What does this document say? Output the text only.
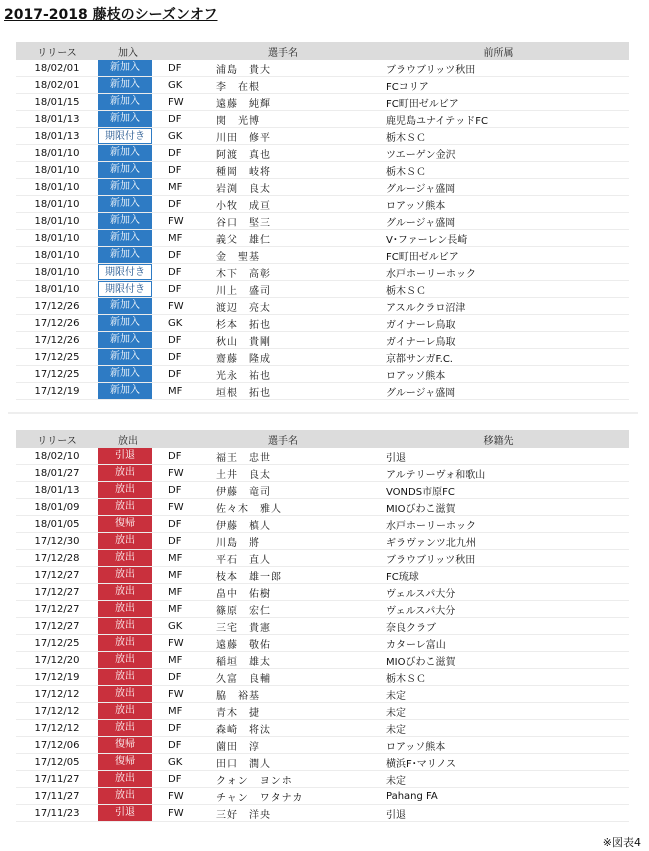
2017-2018 藤枝のシーズンオフ
リリース	加入		選手名	前所属
18/02/01	新加入	DF	浦島　貴大	ブラウブリッツ秋田
18/02/01	新加入	GK	李　在根	FCコリア
18/01/15	新加入	FW	遠藤　純輝	FC町田ゼルビア
18/01/13	新加入	DF	関　光博	鹿児島ユナイテッドFC
18/01/13	期限付き	GK	川田　修平	栃木ＳＣ
18/01/10	新加入	DF	阿渡　真也	ツエーゲン金沢
18/01/10	新加入	DF	種岡　岐将	栃木ＳＣ
18/01/10	新加入	MF	岩渕　良太	グルージャ盛岡
18/01/10	新加入	DF	小牧　成亘	ロアッソ熊本
18/01/10	新加入	FW	谷口　堅三	グルージャ盛岡
18/01/10	新加入	MF	義父　雄仁	V･ファーレン長崎
18/01/10	新加入	DF	金　聖基	FC町田ゼルビア
18/01/10	期限付き	DF	木下　高彰	水戸ホーリーホック
18/01/10	期限付き	DF	川上　盛司	栃木ＳＣ
17/12/26	新加入	FW	渡辺　亮太	アスルクラロ沼津
17/12/26	新加入	GK	杉本　拓也	ガイナーレ鳥取
17/12/26	新加入	DF	秋山　貴剛	ガイナーレ鳥取
17/12/25	新加入	DF	齋藤　隆成	京都サンガF.C.
17/12/25	新加入	DF	光永　祐也	ロアッソ熊本
17/12/19	新加入	MF	垣根　拓也	グルージャ盛岡
リリース	放出		選手名	移籍先
18/02/10	引退	DF	福王　忠世	引退
18/01/27	放出	FW	土井　良太	アルテリーヴォ和歌山
18/01/13	放出	DF	伊藤　竜司	VONDS市原FC
18/01/09	放出	FW	佐々木　雅人	MIOびわこ滋賀
18/01/05	復帰	DF	伊藤　槙人	水戸ホーリーホック
17/12/30	放出	DF	川島　將	ギラヴァンツ北九州
17/12/28	放出	MF	平石　直人	ブラウブリッツ秋田
17/12/27	放出	MF	枝本　雄一郎	FC琉球
17/12/27	放出	MF	畠中　佑樹	ヴェルスパ大分
17/12/27	放出	MF	篠原　宏仁	ヴェルスパ大分
17/12/27	放出	GK	三宅　貴憲	奈良クラブ
17/12/25	放出	FW	遠藤　敬佑	カターレ富山
17/12/20	放出	MF	稲垣　雄太	MIOびわこ滋賀
17/12/19	放出	DF	久富　良輔	栃木ＳＣ
17/12/12	放出	FW	脇　裕基	未定
17/12/12	放出	MF	青木　捷	未定
17/12/12	放出	DF	森崎　将汰	未定
17/12/06	復帰	DF	薗田　淳	ロアッソ熊本
17/12/05	復帰	GK	田口　潤人	横浜F･マリノス
17/11/27	放出	DF	クォン　ヨンホ	未定
17/11/27	放出	FW	チャン　ワタナカ	Pahang FA
17/11/23	引退	FW	三好　洋央	引退
※図表4
